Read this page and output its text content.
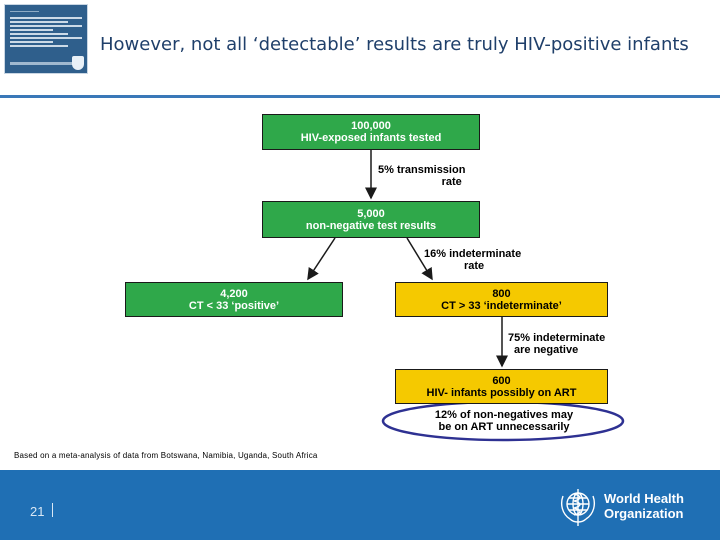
However, not all ‘detectable’ results are truly HIV-positive infants
100,000
HIV-exposed infants tested
5% transmission
rate
5,000
non-negative test results
16% indeterminate
rate
4,200
CT < 33 ‘positive’
800
CT > 33 ‘indeterminate’
75% indeterminate
are negative
600
HIV- infants possibly on ART
12% of non-negatives may
be on ART unnecessarily
Based on a meta-analysis of data from Botswana, Namibia, Uganda, South Africa
21
World Health
Organization
